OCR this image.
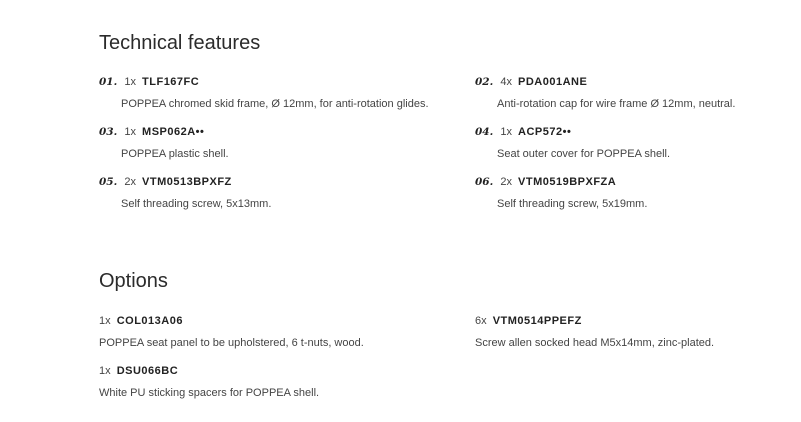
Technical features
01. 1x TLF167FC
POPPEA chromed skid frame, Ø 12mm, for anti-rotation glides.
02. 4x PDA001ANE
Anti-rotation cap for wire frame Ø 12mm, neutral.
03. 1x MSP062A••
POPPEA plastic shell.
04. 1x ACP572••
Seat outer cover for POPPEA shell.
05. 2x VTM0513BPXFZ
Self threading screw, 5x13mm.
06. 2x VTM0519BPXFZA
Self threading screw, 5x19mm.
Options
1x COL013A06
POPPEA seat panel to be upholstered, 6 t-nuts, wood.
6x VTM0514PPEFZ
Screw allen socked head M5x14mm, zinc-plated.
1x DSU066BC
White PU sticking spacers for POPPEA shell.
